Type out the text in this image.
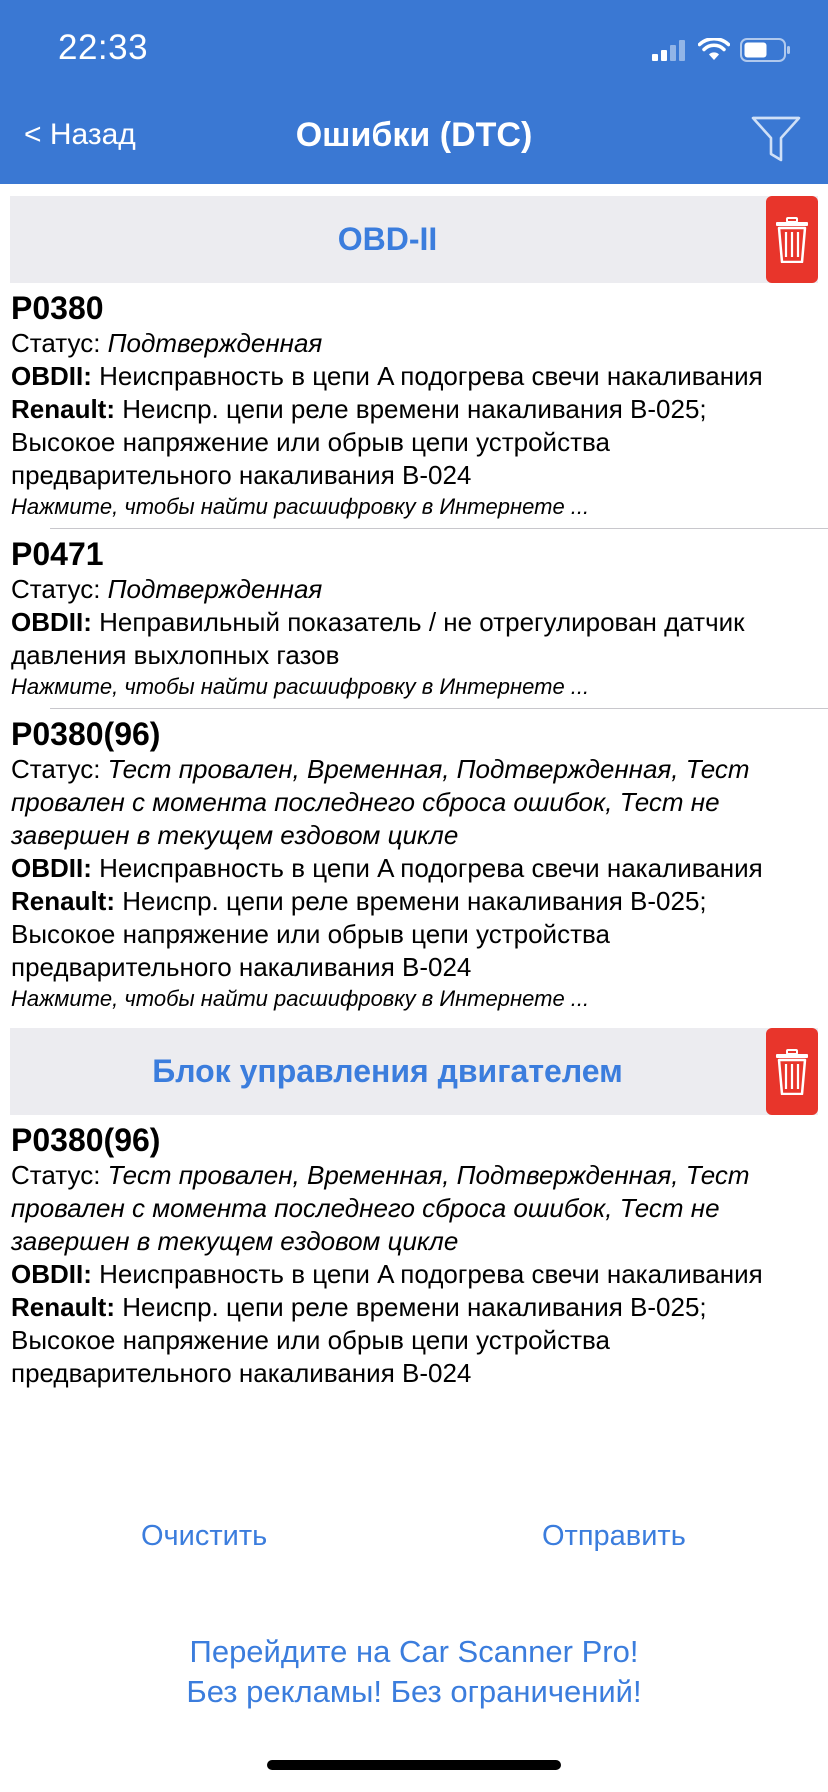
22:33
< Назад	Ошибки (DTC)
OBD-II
P0380
Статус: Подтвержденная
OBDII: Неисправность в цепи A подогрева свечи накаливания
Renault: Неиспр. цепи реле времени накаливания B-025; Высокое напряжение или обрыв цепи устройства предварительного накаливания B-024
Нажмите, чтобы найти расшифровку в Интернете ...
P0471
Статус: Подтвержденная
OBDII: Неправильный показатель / не отрегулирован датчик давления выхлопных газов
Нажмите, чтобы найти расшифровку в Интернете ...
P0380(96)
Статус: Тест провален, Временная, Подтвержденная, Тест провален с момента последнего сброса ошибок, Тест не завершен в текущем ездовом цикле
OBDII: Неисправность в цепи A подогрева свечи накаливания
Renault: Неиспр. цепи реле времени накаливания B-025; Высокое напряжение или обрыв цепи устройства предварительного накаливания B-024
Нажмите, чтобы найти расшифровку в Интернете ...
Блок управления двигателем
P0380(96)
Статус: Тест провален, Временная, Подтвержденная, Тест провален с момента последнего сброса ошибок, Тест не завершен в текущем ездовом цикле
OBDII: Неисправность в цепи A подогрева свечи накаливания
Renault: Неиспр. цепи реле времени накаливания B-025; Высокое напряжение или обрыв цепи устройства предварительного накаливания B-024
Очистить	Отправить
Перейдите на Car Scanner Pro!
Без рекламы! Без ограничений!
